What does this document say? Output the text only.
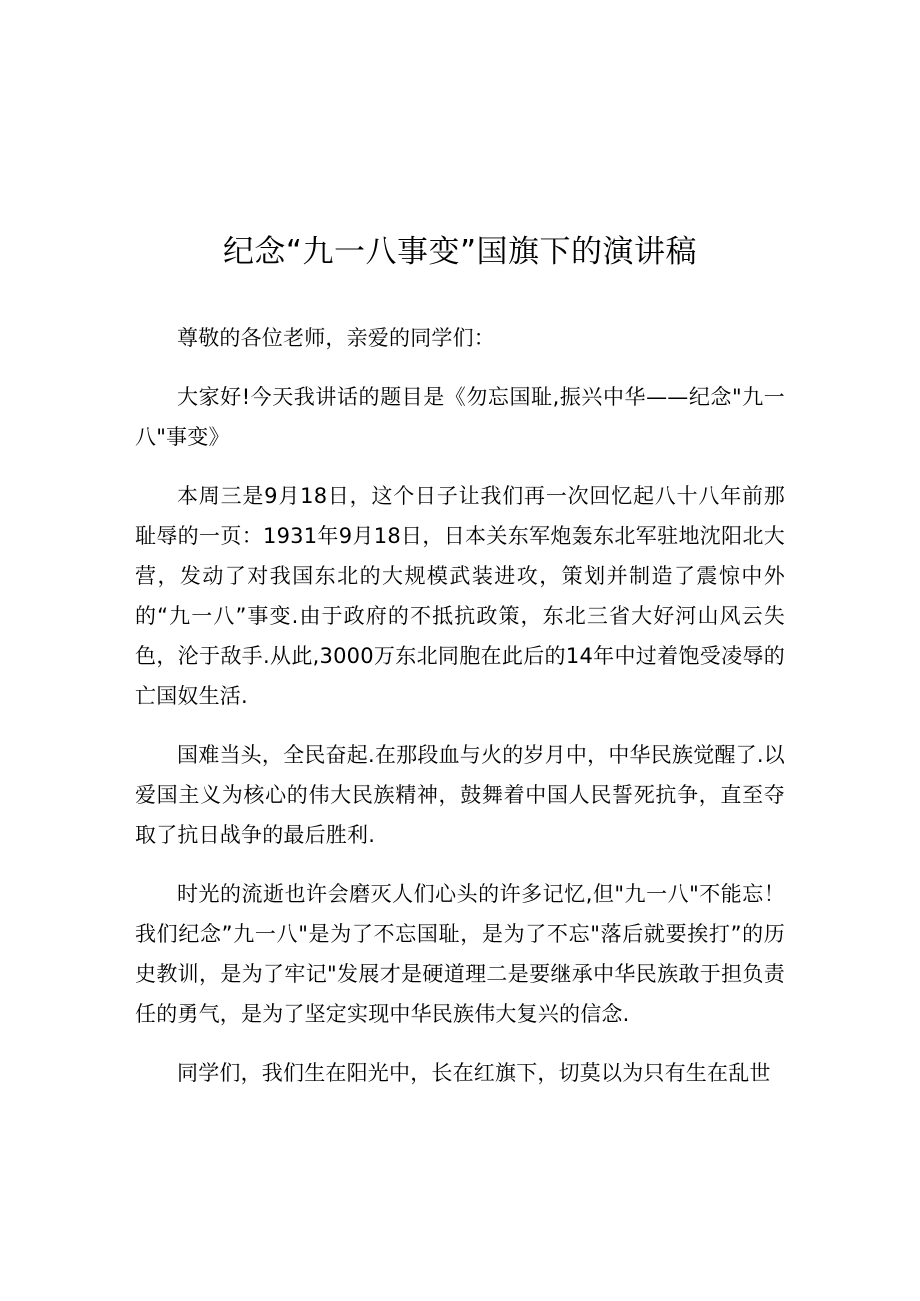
纪念“九一八事变”国旗下的演讲稿

尊敬的各位老师，亲爱的同学们：

大家好!今天我讲话的题目是《勿忘国耻,振兴中华——纪念"九一八"事变》

本周三是9月18日，这个日子让我们再一次回忆起八十八年前那耻辱的一页：1931年9月18日，日本关东军炮轰东北军驻地沈阳北大营，发动了对我国东北的大规模武装进攻，策划并制造了震惊中外的“九一八”事变.由于政府的不抵抗政策，东北三省大好河山风云失色，沦于敌手.从此,3000万东北同胞在此后的14年中过着饱受凌辱的亡国奴生活.

国难当头，全民奋起.在那段血与火的岁月中，中华民族觉醒了.以爱国主义为核心的伟大民族精神，鼓舞着中国人民誓死抗争，直至夺取了抗日战争的最后胜利.

时光的流逝也许会磨灭人们心头的许多记忆,但"九一八"不能忘！我们纪念”九一八"是为了不忘国耻，是为了不忘"落后就要挨打”的历史教训，是为了牢记"发展才是硬道理二是要继承中华民族敢于担负责任的勇气，是为了坚定实现中华民族伟大复兴的信念.

同学们，我们生在阳光中，长在红旗下，切莫以为只有生在乱世
